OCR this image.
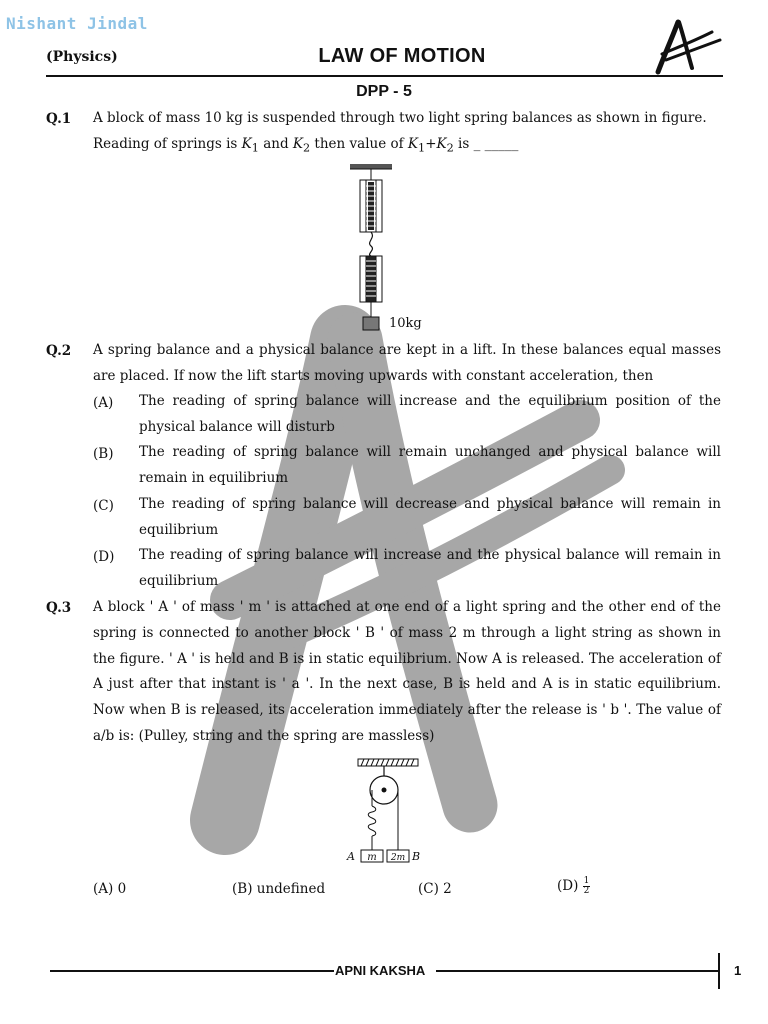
Nishant Jindal
(Physics)	LAW OF MOTION
DPP - 5
Q.1 A block of mass 10 kg is suspended through two light spring balances as shown in figure.
Reading of springs is $K_1$ and $K_2$ then value of $K_1+K_2$ is _ _____
10kg
Q.2 A spring balance and a physical balance are kept in a lift. In these balances equal masses are placed. If now the lift starts moving upwards with constant acceleration, then
(A) The reading of spring balance will increase and the equilibrium position of the physical balance will disturb
(B) The reading of spring balance will remain unchanged and physical balance will remain in equilibrium
(C) The reading of spring balance will decrease and physical balance will remain in equilibrium
(D) The reading of spring balance will increase and the physical balance will remain in equilibrium
Q.3 A block ' A ' of mass ' m ' is attached at one end of a light spring and the other end of the spring is connected to another block ' B ' of mass 2 m through a light string as shown in the figure. ' A ' is held and B is in static equilibrium. Now A is released. The acceleration of A just after that instant is ' a '. In the next case, B is held and A is in static equilibrium. Now when B is released, its acceleration immediately after the release is ' b '. The value of a/b is: (Pulley, string and the spring are massless)
A m 2m B
(A) 0	(B) undefined	(C) 2	$(D) \frac{1}{2}$
APNI KAKSHA	1
